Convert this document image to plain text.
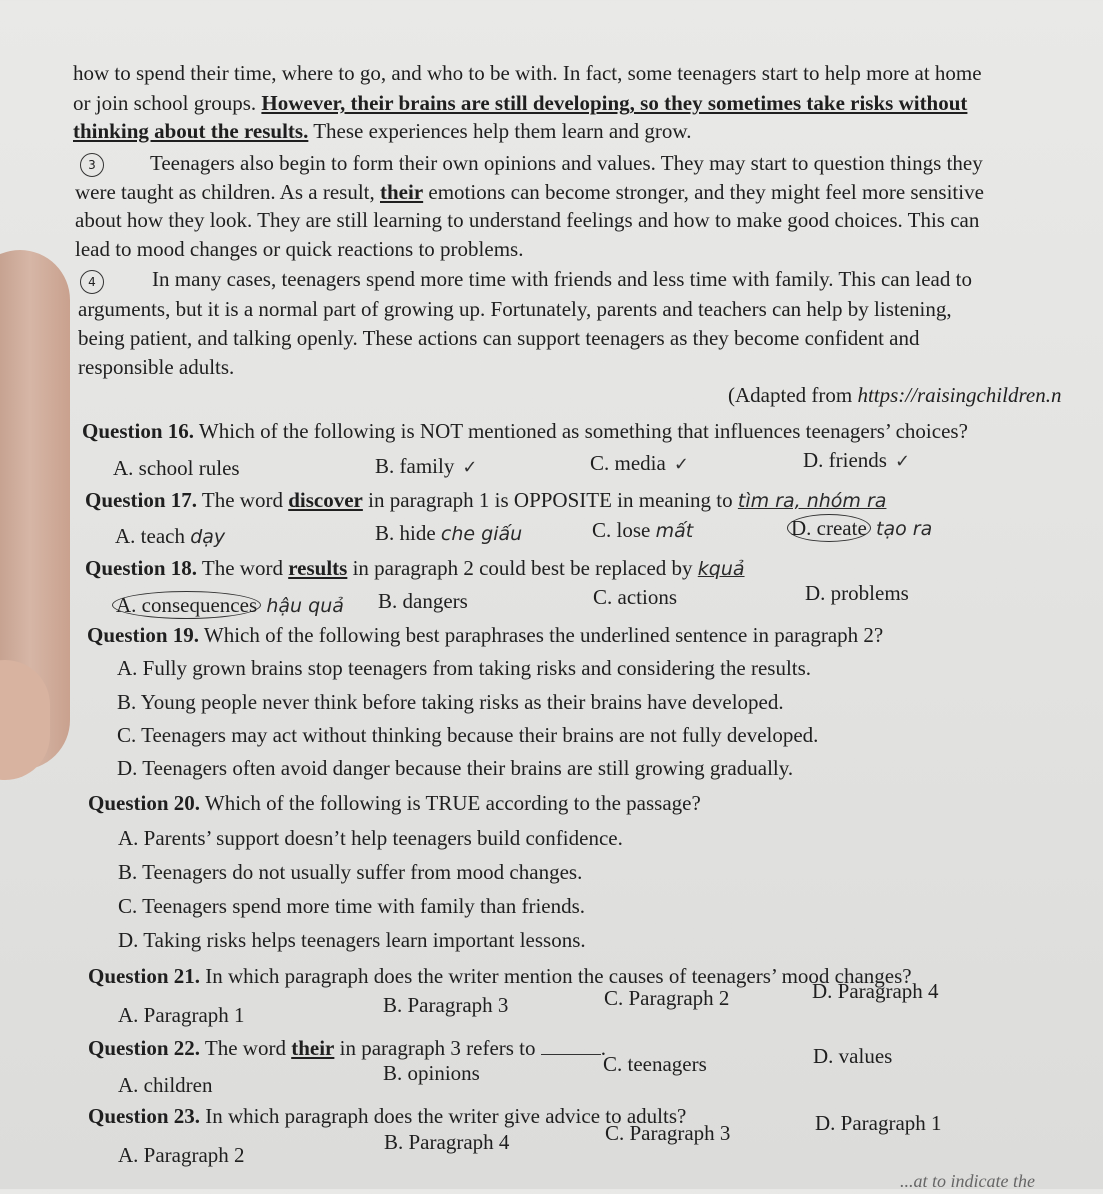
how to spend their time, where to go, and who to be with. In fact, some teenagers start to help more at home
or join school groups. However, their brains are still developing, so they sometimes take risks without
thinking about the results. These experiences help them learn and grow.
3	Teenagers also begin to form their own opinions and values. They may start to question things they
were taught as children. As a result, their emotions can become stronger, and they might feel more sensitive
about how they look. They are still learning to understand feelings and how to make good choices. This can
lead to mood changes or quick reactions to problems.
4	In many cases, teenagers spend more time with friends and less time with family. This can lead to
arguments, but it is a normal part of growing up. Fortunately, parents and teachers can help by listening,
being patient, and talking openly. These actions can support teenagers as they become confident and
responsible adults.
(Adapted from https://raisingchildren.n
Question 16. Which of the following is NOT mentioned as something that influences teenagers’ choices?
A. school rules	B. family ✓	C. media ✓	D. friends ✓
Question 17. The word discover in paragraph 1 is OPPOSITE in meaning to tìm ra, nhóm ra
A. teach dạy	B. hide che giấu	C. lose mất	D. create tạo ra
Question 18. The word results in paragraph 2 could best be replaced by kquả
A. consequences hậu quả B. dangers	C. actions	D. problems
Question 19. Which of the following best paraphrases the underlined sentence in paragraph 2?
A. Fully grown brains stop teenagers from taking risks and considering the results.
B. Young people never think before taking risks as their brains have developed.
C. Teenagers may act without thinking because their brains are not fully developed.
D. Teenagers often avoid danger because their brains are still growing gradually.
Question 20. Which of the following is TRUE according to the passage?
A. Parents’ support doesn’t help teenagers build confidence.
B. Teenagers do not usually suffer from mood changes.
C. Teenagers spend more time with family than friends.
D. Taking risks helps teenagers learn important lessons.
Question 21. In which paragraph does the writer mention the causes of teenagers’ mood changes?
A. Paragraph 1	B. Paragraph 3	C. Paragraph 2	D. Paragraph 4
Question 22. The word their in paragraph 3 refers to	.
A. children	B. opinions	C. teenagers	D. values
Question 23. In which paragraph does the writer give advice to adults?
A. Paragraph 2
B. Paragraph 4	C. Paragraph 3	D. Paragraph 1
...at to indicate the
